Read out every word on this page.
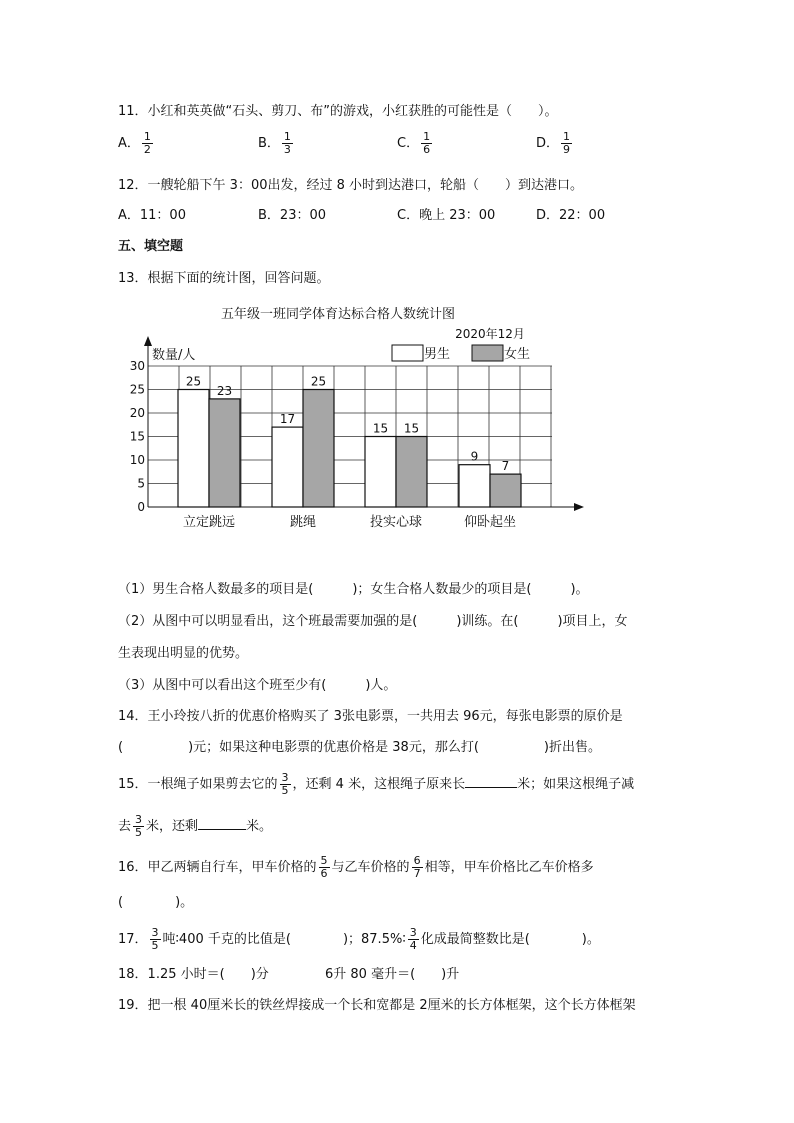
11．小红和英英做“石头、剪刀、布”的游戏，小红获胜的可能性是（　　）。
A． $\frac{1}{2}$	B． $\frac{1}{3}$	C． $\frac{1}{6}$	D． $\frac{1}{9}$
12．一艘轮船下午 3：00出发，经过 8 小时到达港口，轮船（　　）到达港口。
A．11：00	B．23：00	C．晚上 23：00	D．22：00
五、填空题
13．根据下面的统计图，回答问题。
五年级一班同学体育达标合格人数统计图
2020年12月
数量/人
25
23
17
25
15 15
9
7
立定跳远	跳绳	投实心球	仰卧起坐
0
5
10
15
20
25
30
男生	女生
（1）男生合格人数最多的项目是(　　　)；女生合格人数最少的项目是(　　　)。
（2）从图中可以明显看出，这个班最需要加强的是(　　　)训练。在(　　　)项目上，女
生表现出明显的优势。
（3）从图中可以看出这个班至少有(　　　)人。
14．王小玲按八折的优惠价格购买了 3张电影票，一共用去 96元，每张电影票的原价是
(　　　　　)元；如果这种电影票的优惠价格是 38元，那么打(　　　　　)折出售。
15．一根绳子如果剪去它的 $\frac{3}{5}$ ，还剩 4 米，这根绳子原来长	米；如果这根绳子减
去 $\frac{3}{5}$ 米，还剩	米。
16．甲乙两辆自行车，甲车价格的 $\frac{5}{6}$ 与乙车价格的 $\frac{6}{7}$ 相等，甲车价格比乙车价格多
(　　　　)。
17． $\frac{3}{5}$ 吨∶400 千克的比值是(　　　　)；87.5%∶ $\frac{3}{4}$ 化成最简整数比是(　　　　)。
18．1.25 小时＝(　　)分	6升 80 毫升＝(　　)升
19．把一根 40厘米长的铁丝焊接成一个长和宽都是 2厘米的长方体框架，这个长方体框架
